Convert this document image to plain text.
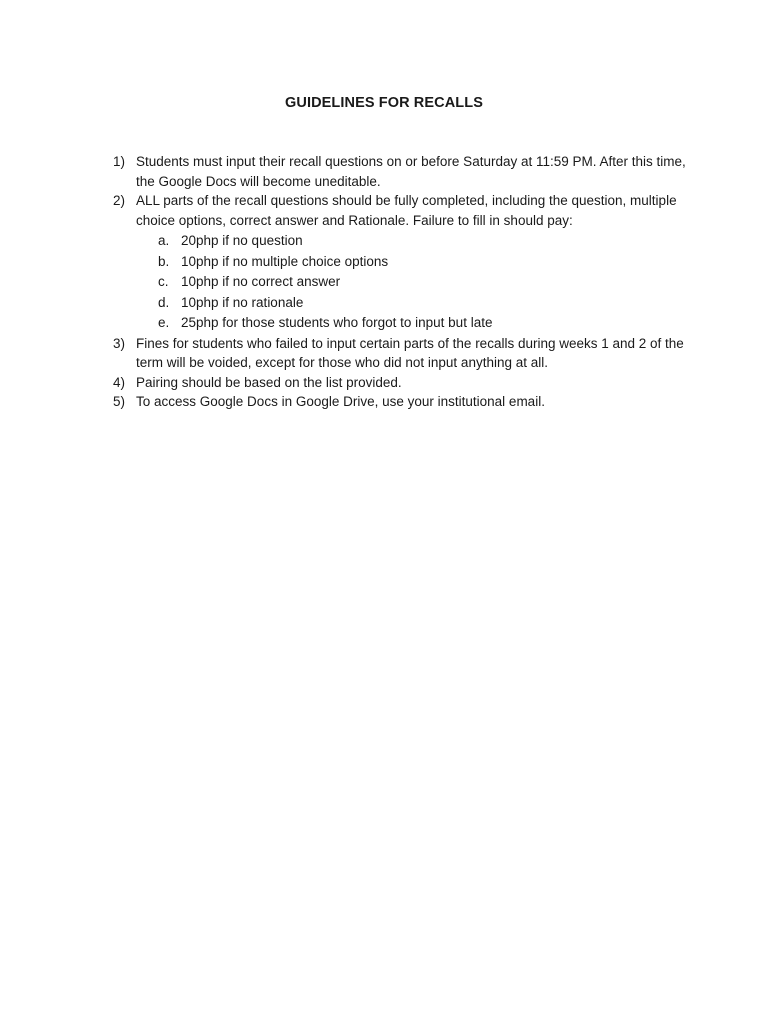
GUIDELINES FOR RECALLS
1) Students must input their recall questions on or before Saturday at 11:59 PM. After this time, the Google Docs will become uneditable.
2) ALL parts of the recall questions should be fully completed, including the question, multiple choice options, correct answer and Rationale. Failure to fill in should pay:
a. 20php if no question
b. 10php if no multiple choice options
c. 10php if no correct answer
d. 10php if no rationale
e. 25php for those students who forgot to input but late
3) Fines for students who failed to input certain parts of the recalls during weeks 1 and 2 of the term will be voided, except for those who did not input anything at all.
4) Pairing should be based on the list provided.
5) To access Google Docs in Google Drive, use your institutional email.
